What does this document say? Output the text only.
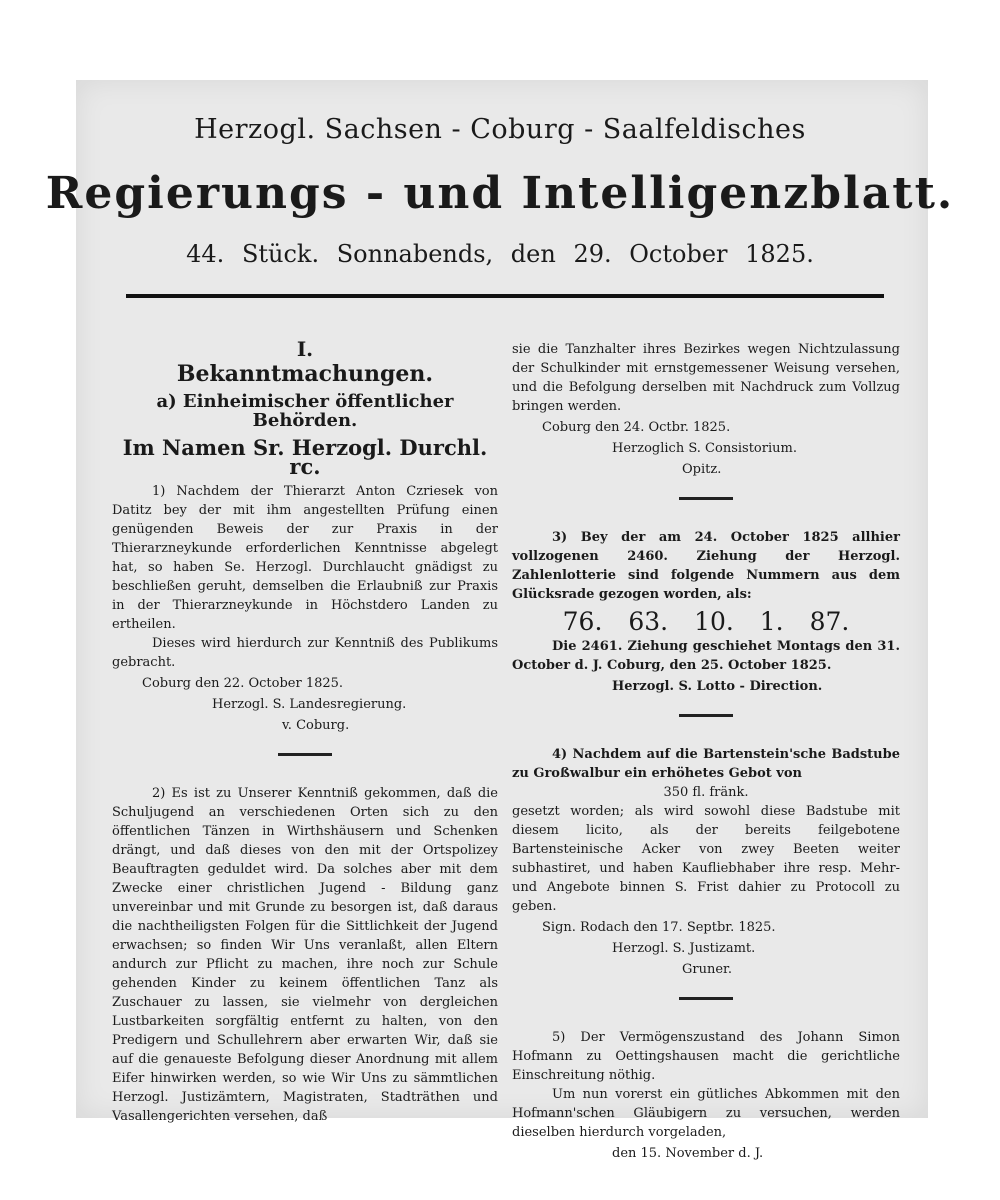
Herzogl. Sachsen - Coburg - Saalfeldisches
Regierungs - und Intelligenzblatt.
44. Stück. Sonnabends, den 29. October 1825.

I.

Bekanntmachungen.

a) Einheimischer öffentlicher Behörden.

Im Namen Sr. Herzogl. Durchl. rc.

1) Nachdem der Thierarzt Anton Czriesek von Datitz bey der mit ihm angestellten Prüfung einen genügenden Beweis der zur Praxis in der Thierarzneykunde erforderlichen Kenntnisse abgelegt hat, so haben Se. Herzogl. Durchlaucht gnädigst zu beschließen geruht, demselben die Erlaubniß zur Praxis in der Thierarzneykunde in Höchstdero Landen zu ertheilen.

Dieses wird hierdurch zur Kenntniß des Publikums gebracht.

Coburg den 22. October 1825.

Herzogl. S. Landesregierung.

v. Coburg.

2) Es ist zu Unserer Kenntniß gekommen, daß die Schuljugend an verschiedenen Orten sich zu den öffentlichen Tänzen in Wirthshäusern und Schenken drängt, und daß dieses von den mit der Ortspolizey Beauftragten geduldet wird. Da solches aber mit dem Zwecke einer christlichen Jugend - Bildung ganz unvereinbar und mit Grunde zu besorgen ist, daß daraus die nachtheiligsten Folgen für die Sittlichkeit der Jugend erwachsen; so finden Wir Uns veranlaßt, allen Eltern andurch zur Pflicht zu machen, ihre noch zur Schule gehenden Kinder zu keinem öffentlichen Tanz als Zuschauer zu lassen, sie vielmehr von dergleichen Lustbarkeiten sorgfältig entfernt zu halten, von den Predigern und Schullehrern aber erwarten Wir, daß sie auf die genaueste Befolgung dieser Anordnung mit allem Eifer hinwirken werden, so wie Wir Uns zu sämmtlichen Herzogl. Justizämtern, Magistraten, Stadträthen und Vasallengerichten versehen, daß

sie die Tanzhalter ihres Bezirkes wegen Nichtzulassung der Schulkinder mit ernstgemessener Weisung versehen, und die Befolgung derselben mit Nachdruck zum Vollzug bringen werden.

Coburg den 24. Octbr. 1825.

Herzoglich S. Consistorium.

Opitz.

3) Bey der am 24. October 1825 allhier vollzogenen 2460. Ziehung der Herzogl. Zahlenlotterie sind folgende Nummern aus dem Glücksrade gezogen worden, als:

76. 63. 10. 1. 87.

Die 2461. Ziehung geschiehet Montags den 31. October d. J. Coburg, den 25. October 1825.

Herzogl. S. Lotto - Direction.

4) Nachdem auf die Bartenstein'sche Badstube zu Großwalbur ein erhöhetes Gebot von

350 fl. fränk.

gesetzt worden; als wird sowohl diese Badstube mit diesem licito, als der bereits feilgebotene Bartensteinische Acker von zwey Beeten weiter subhastiret, und haben Kaufliebhaber ihre resp. Mehr- und Angebote binnen S. Frist dahier zu Protocoll zu geben.

Sign. Rodach den 17. Septbr. 1825.

Herzogl. S. Justizamt.

Gruner.

5) Der Vermögenszustand des Johann Simon Hofmann zu Oettingshausen macht die gerichtliche Einschreitung nöthig.

Um nun vorerst ein gütliches Abkommen mit den Hofmann'schen Gläubigern zu versuchen, werden dieselben hierdurch vorgeladen,

den 15. November d. J.
